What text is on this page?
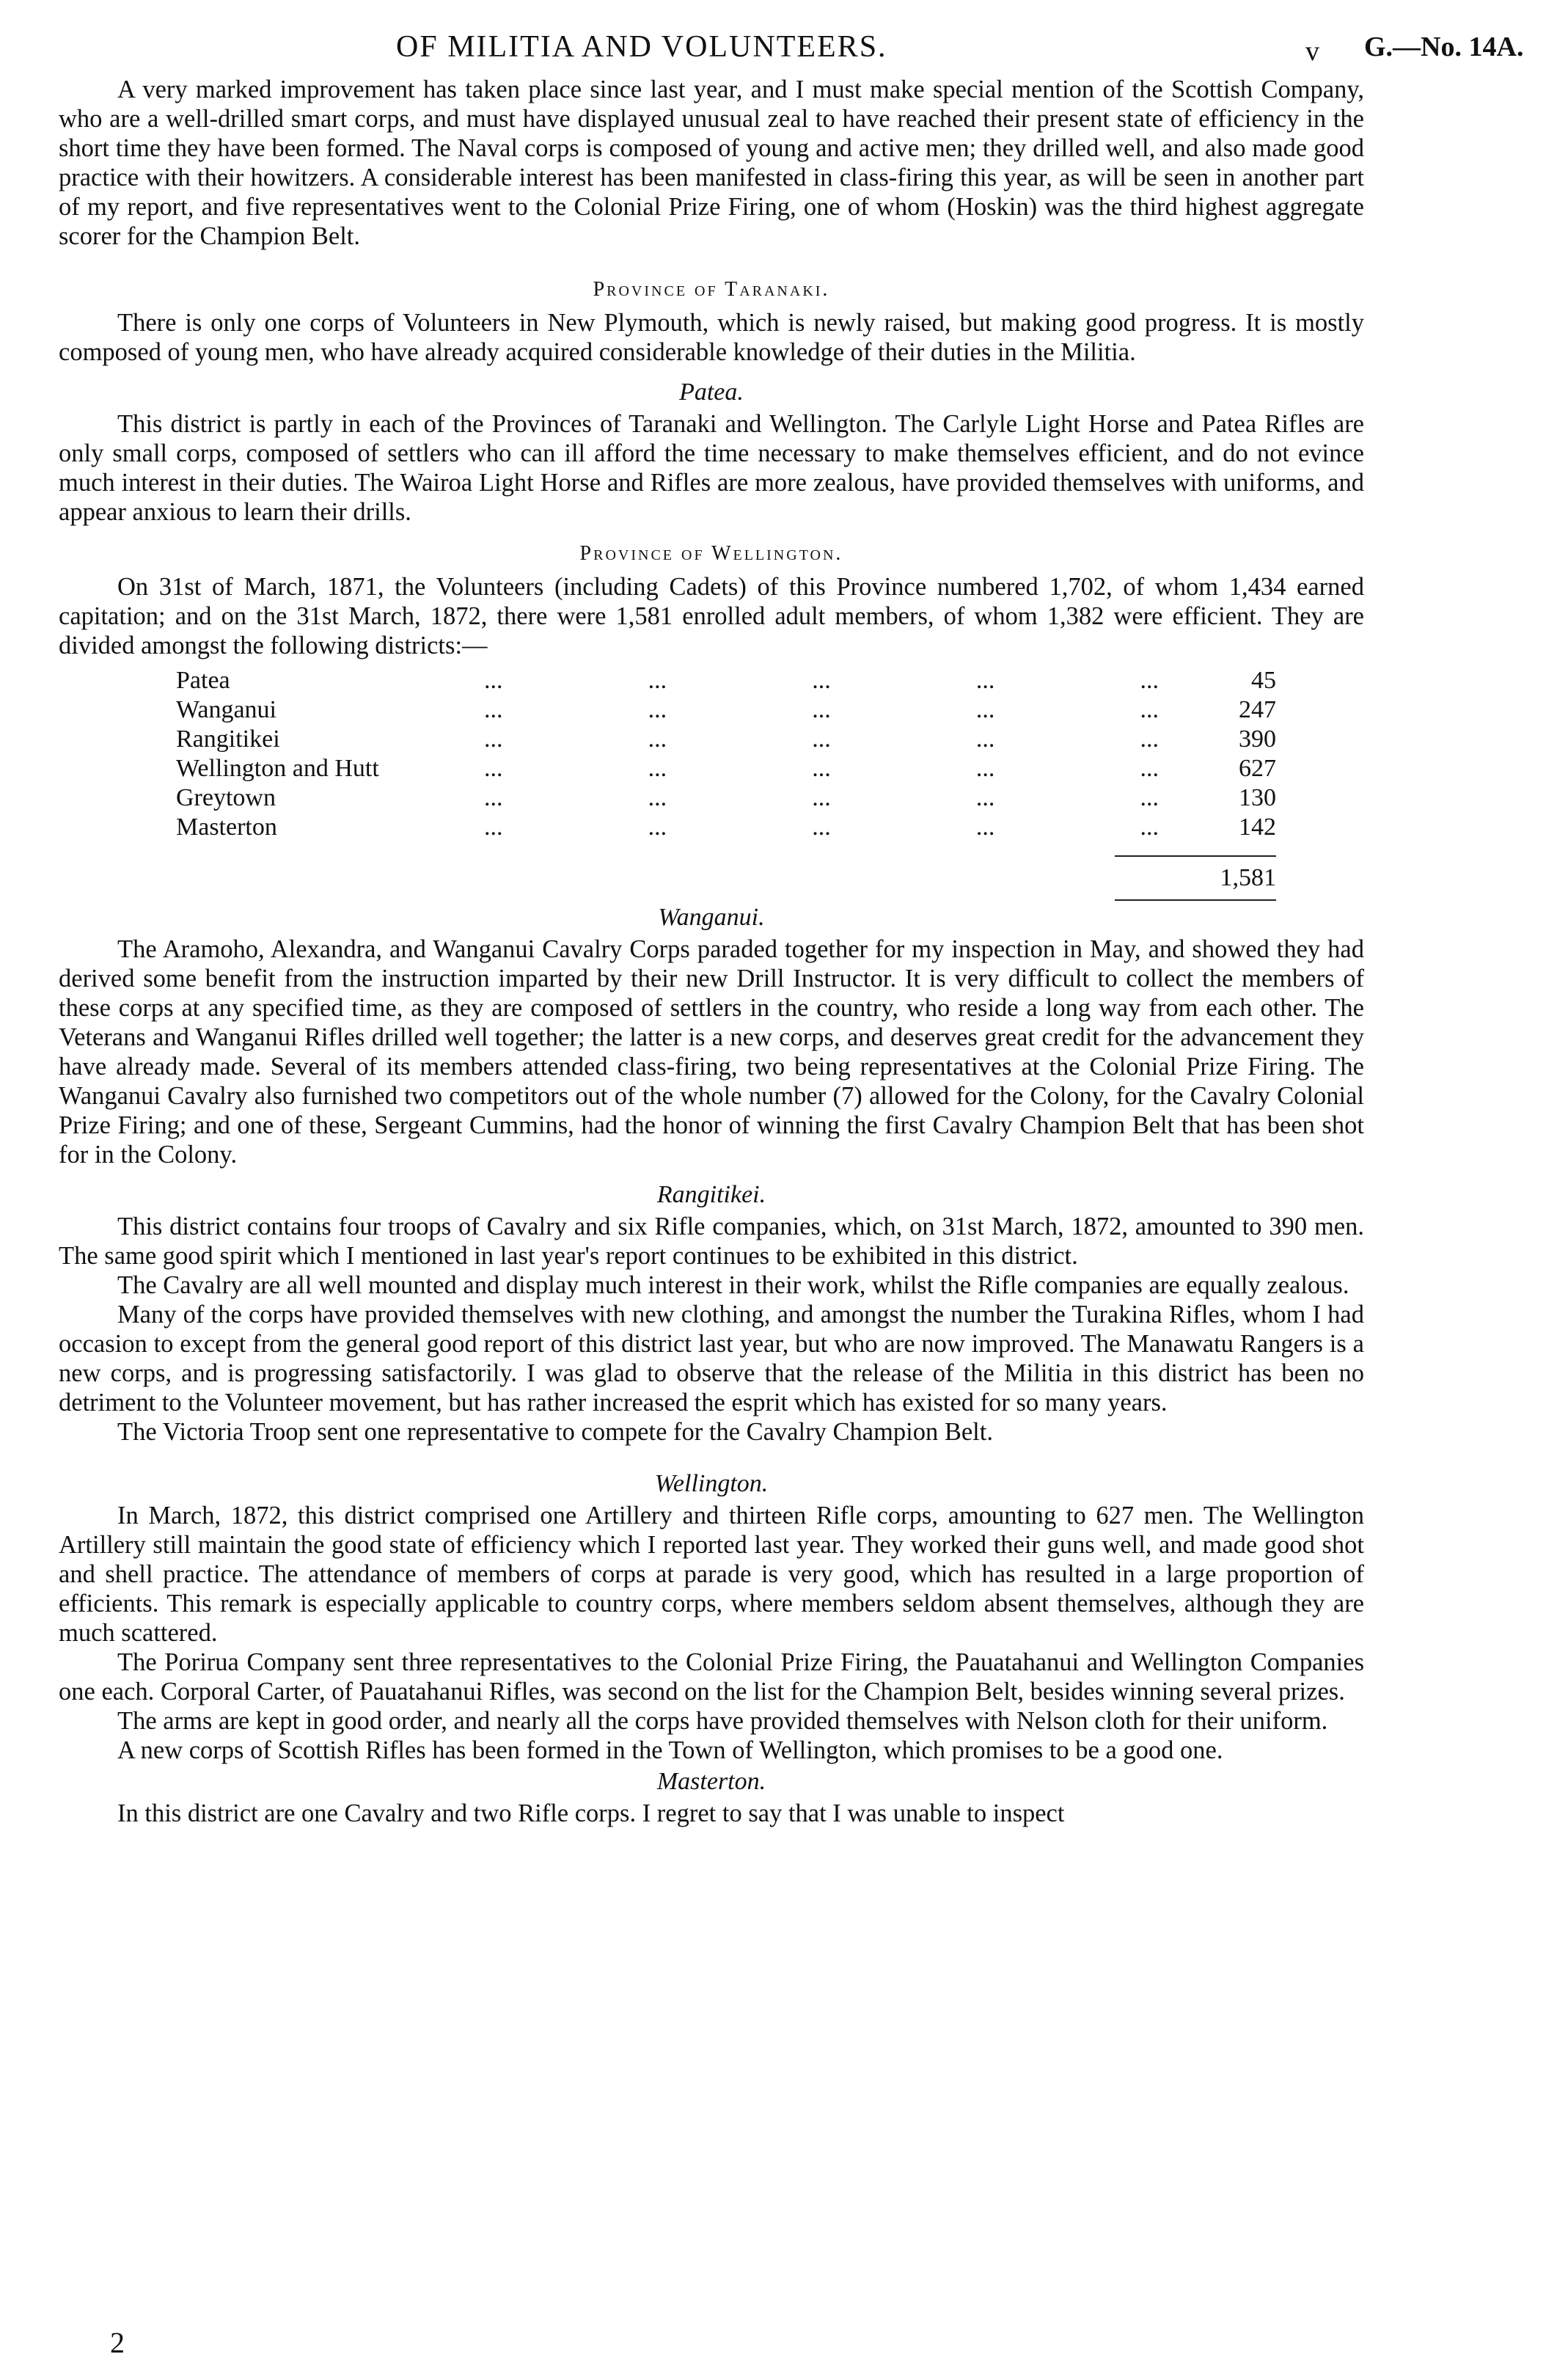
OF MILITIA AND VOLUNTEERS.	v G.—No. 14A.

A very marked improvement has taken place since last year, and I must make special mention of the Scottish Company, who are a well-drilled smart corps, and must have displayed unusual zeal to have reached their present state of efficiency in the short time they have been formed. The Naval corps is composed of young and active men; they drilled well, and also made good practice with their howitzers. A considerable interest has been manifested in class-firing this year, as will be seen in another part of my report, and five representatives went to the Colonial Prize Firing, one of whom (Hoskin) was the third highest aggregate scorer for the Champion Belt.

Province of Taranaki.

There is only one corps of Volunteers in New Plymouth, which is newly raised, but making good progress. It is mostly composed of young men, who have already acquired considerable knowledge of their duties in the Militia.

Patea.

This district is partly in each of the Provinces of Taranaki and Wellington. The Carlyle Light Horse and Patea Rifles are only small corps, composed of settlers who can ill afford the time necessary to make themselves efficient, and do not evince much interest in their duties. The Wairoa Light Horse and Rifles are more zealous, have provided themselves with uniforms, and appear anxious to learn their drills.

Province of Wellington.

On 31st of March, 1871, the Volunteers (including Cadets) of this Province numbered 1,702, of whom 1,434 earned capitation; and on the 31st March, 1872, there were 1,581 enrolled adult members, of whom 1,382 were efficient. They are divided amongst the following districts:—

Patea	...	...	...	...	...	45
Wanganui	...	...	...	...	...	247
Rangitikei	...	...	...	...	...	390
Wellington and Hutt	...	...	...	...	...	627
Greytown	...	...	...	...	...	130
Masterton	...	...	...	...	...	142
1,581
Wanganui.

The Aramoho, Alexandra, and Wanganui Cavalry Corps paraded together for my inspection in May, and showed they had derived some benefit from the instruction imparted by their new Drill Instructor. It is very difficult to collect the members of these corps at any specified time, as they are composed of settlers in the country, who reside a long way from each other. The Veterans and Wanganui Rifles drilled well together; the latter is a new corps, and deserves great credit for the advancement they have already made. Several of its members attended class-firing, two being representatives at the Colonial Prize Firing. The Wanganui Cavalry also furnished two competitors out of the whole number (7) allowed for the Colony, for the Cavalry Colonial Prize Firing; and one of these, Sergeant Cummins, had the honor of winning the first Cavalry Champion Belt that has been shot for in the Colony.

Rangitikei.

This district contains four troops of Cavalry and six Rifle companies, which, on 31st March, 1872, amounted to 390 men. The same good spirit which I mentioned in last year's report continues to be exhibited in this district.

The Cavalry are all well mounted and display much interest in their work, whilst the Rifle companies are equally zealous.

Many of the corps have provided themselves with new clothing, and amongst the number the Turakina Rifles, whom I had occasion to except from the general good report of this district last year, but who are now improved. The Manawatu Rangers is a new corps, and is progressing satisfactorily. I was glad to observe that the release of the Militia in this district has been no detriment to the Volunteer movement, but has rather increased the esprit which has existed for so many years.

The Victoria Troop sent one representative to compete for the Cavalry Champion Belt.

Wellington.

In March, 1872, this district comprised one Artillery and thirteen Rifle corps, amounting to 627 men. The Wellington Artillery still maintain the good state of efficiency which I reported last year. They worked their guns well, and made good shot and shell practice. The attendance of members of corps at parade is very good, which has resulted in a large proportion of efficients. This remark is especially applicable to country corps, where members seldom absent themselves, although they are much scattered.

The Porirua Company sent three representatives to the Colonial Prize Firing, the Pauatahanui and Wellington Companies one each. Corporal Carter, of Pauatahanui Rifles, was second on the list for the Champion Belt, besides winning several prizes.

The arms are kept in good order, and nearly all the corps have provided themselves with Nelson cloth for their uniform.

A new corps of Scottish Rifles has been formed in the Town of Wellington, which promises to be a good one.

Masterton.

In this district are one Cavalry and two Rifle corps. I regret to say that I was unable to inspect

2
